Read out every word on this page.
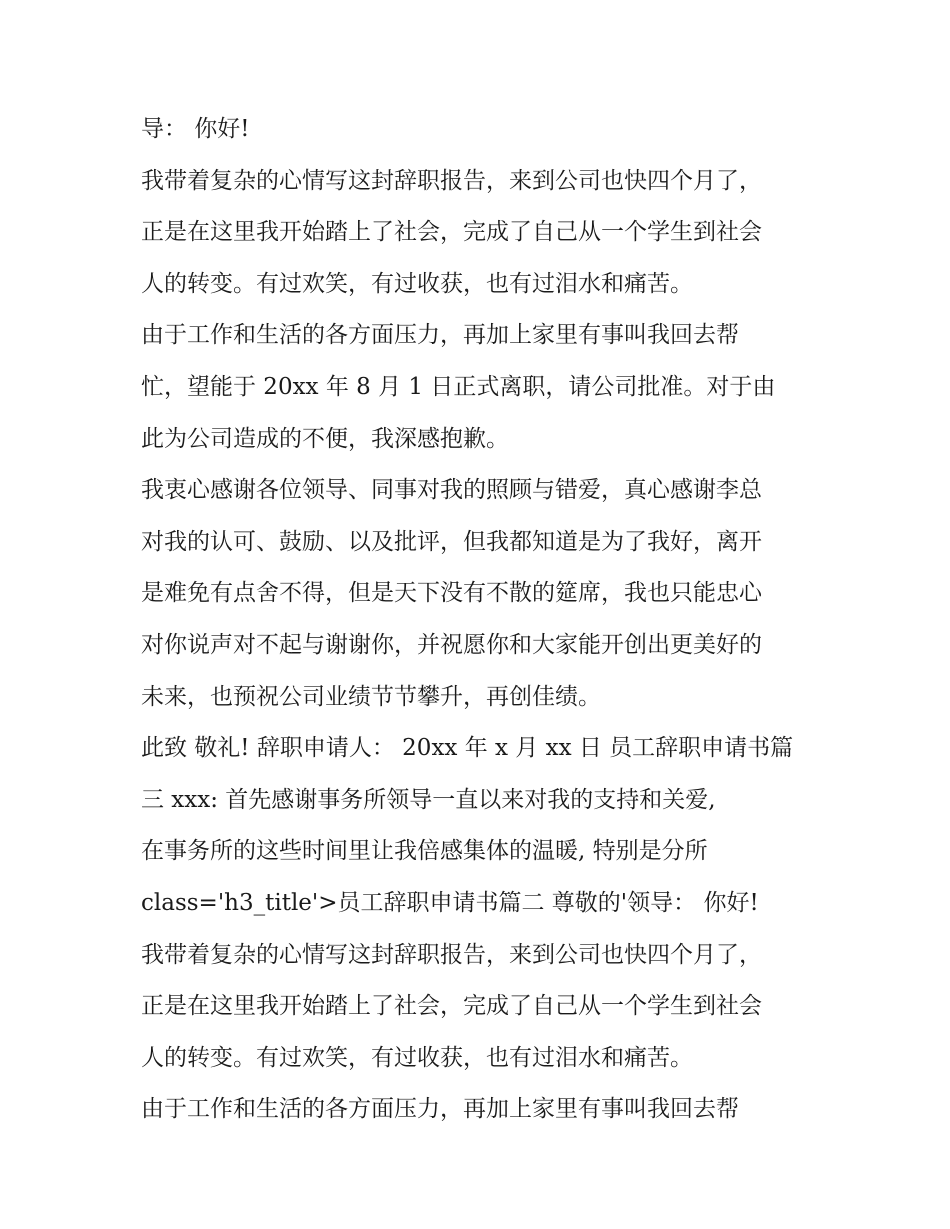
导： 你好!
我带着复杂的心情写这封辞职报告，来到公司也快四个月了，
正是在这里我开始踏上了社会，完成了自己从一个学生到社会
人的转变。有过欢笑，有过收获，也有过泪水和痛苦。
由于工作和生活的各方面压力，再加上家里有事叫我回去帮
忙，望能于 20xx 年 8 月 1 日正式离职，请公司批准。对于由
此为公司造成的不便，我深感抱歉。
我衷心感谢各位领导、同事对我的照顾与错爱，真心感谢李总
对我的认可、鼓励、以及批评，但我都知道是为了我好，离开
是难免有点舍不得，但是天下没有不散的筵席，我也只能忠心
对你说声对不起与谢谢你，并祝愿你和大家能开创出更美好的
未来，也预祝公司业绩节节攀升，再创佳绩。
此致 敬礼! 辞职申请人： 20xx 年 x 月 xx 日 员工辞职申请书篇
三 xxx: 首先感谢事务所领导一直以来对我的支持和关爱,
在事务所的这些时间里让我倍感集体的温暖, 特别是分所
class='h3_title'>员工辞职申请书篇二 尊敬的'领导： 你好!
我带着复杂的心情写这封辞职报告，来到公司也快四个月了，
正是在这里我开始踏上了社会，完成了自己从一个学生到社会
人的转变。有过欢笑，有过收获，也有过泪水和痛苦。
由于工作和生活的各方面压力，再加上家里有事叫我回去帮
